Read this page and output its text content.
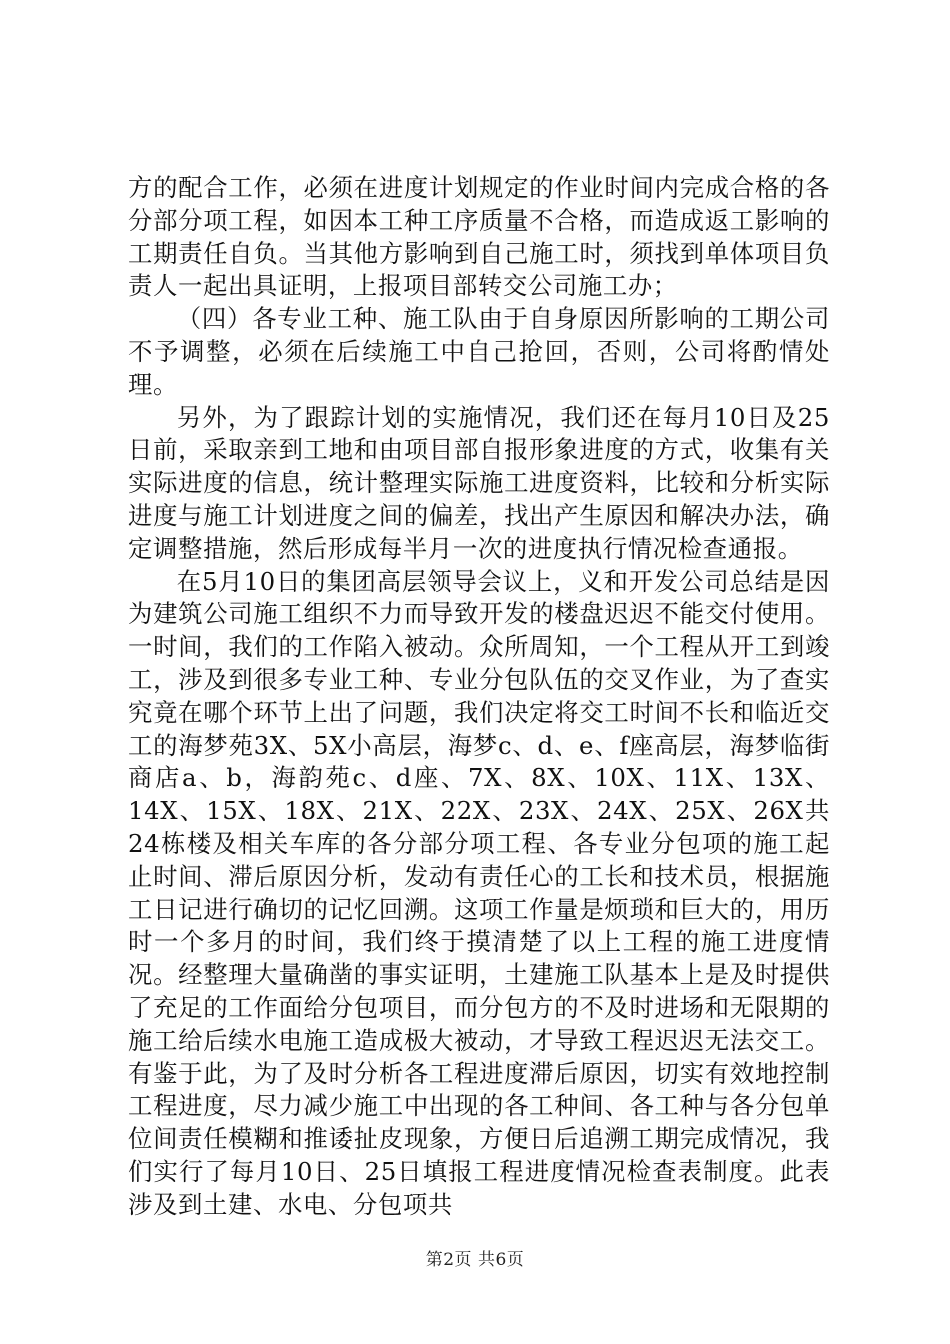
方的配合工作，必须在进度计划规定的作业时间内完成合格的各分部分项工程，如因本工种工序质量不合格，而造成返工影响的工期责任自负。当其他方影响到自己施工时，须找到单体项目负责人一起出具证明，上报项目部转交公司施工办；

（四）各专业工种、施工队由于自身原因所影响的工期公司不予调整，必须在后续施工中自己抢回，否则，公司将酌情处理。

另外，为了跟踪计划的实施情况，我们还在每月10日及25日前，采取亲到工地和由项目部自报形象进度的方式，收集有关实际进度的信息，统计整理实际施工进度资料，比较和分析实际进度与施工计划进度之间的偏差，找出产生原因和解决办法，确定调整措施，然后形成每半月一次的进度执行情况检查通报。

在5月10日的集团高层领导会议上，义和开发公司总结是因为建筑公司施工组织不力而导致开发的楼盘迟迟不能交付使用。一时间，我们的工作陷入被动。众所周知，一个工程从开工到竣工，涉及到很多专业工种、专业分包队伍的交叉作业，为了查实究竟在哪个环节上出了问题，我们决定将交工时间不长和临近交工的海梦苑3X、5X小高层，海梦c、d、e、f座高层，海梦临街商店a、b，海韵苑c、d座、7X、8X、10X、11X、13X、14X、15X、18X、21X、22X、23X、24X、25X、26X共24栋楼及相关车库的各分部分项工程、各专业分包项的施工起止时间、滞后原因分析，发动有责任心的工长和技术员，根据施工日记进行确切的记忆回溯。这项工作量是烦琐和巨大的，用历时一个多月的时间，我们终于摸清楚了以上工程的施工进度情况。经整理大量确凿的事实证明，土建施工队基本上是及时提供了充足的工作面给分包项目，而分包方的不及时进场和无限期的施工给后续水电施工造成极大被动，才导致工程迟迟无法交工。有鉴于此，为了及时分析各工程进度滞后原因，切实有效地控制工程进度，尽力减少施工中出现的各工种间、各工种与各分包单位间责任模糊和推诿扯皮现象，方便日后追溯工期完成情况，我们实行了每月10日、25日填报工程进度情况检查表制度。此表涉及到土建、水电、分包项共

第2页 共6页
